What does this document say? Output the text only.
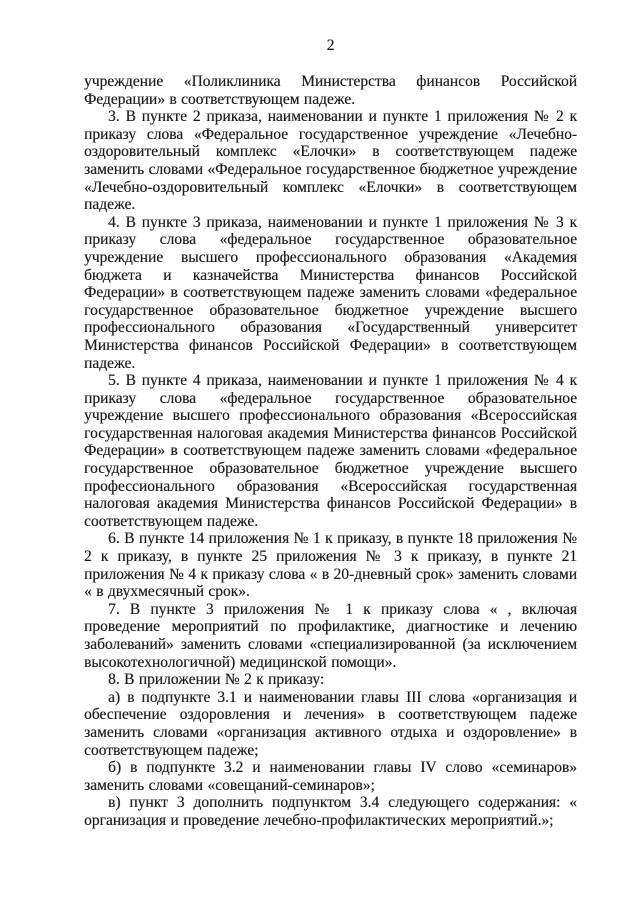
2

учреждение «Поликлиника Министерства финансов Российской Федерации» в соответствующем падеже.

3. В пункте 2 приказа, наименовании и пункте 1 приложения № 2 к приказу слова «Федеральное государственное учреждение «Лечебно-оздоровительный комплекс «Елочки» в соответствующем падеже заменить словами «Федеральное государственное бюджетное учреждение «Лечебно-оздоровительный комплекс «Елочки» в соответствующем падеже.

4. В пункте 3 приказа, наименовании и пункте 1 приложения № 3 к приказу слова «федеральное государственное образовательное учреждение высшего профессионального образования «Академия бюджета и казначейства Министерства финансов Российской Федерации» в соответствующем падеже заменить словами «федеральное государственное образовательное бюджетное учреждение высшего профессионального образования «Государственный университет Министерства финансов Российской Федерации» в соответствующем падеже.

5. В пункте 4 приказа, наименовании и пункте 1 приложения № 4 к приказу слова «федеральное государственное образовательное учреждение высшего профессионального образования «Всероссийская государственная налоговая академия Министерства финансов Российской Федерации» в соответствующем падеже заменить словами «федеральное государственное образовательное бюджетное учреждение высшего профессионального образования «Всероссийская государственная налоговая академия Министерства финансов Российской Федерации» в соответствующем падеже.

6. В пункте 14 приложения № 1 к приказу, в пункте 18 приложения № 2 к приказу, в пункте 25 приложения № 3 к приказу, в пункте 21 приложения № 4 к приказу слова « в 20-дневный срок» заменить словами « в двухмесячный срок».

7. В пункте 3 приложения № 1 к приказу слова « , включая проведение мероприятий по профилактике, диагностике и лечению заболеваний» заменить словами «специализированной (за исключением высокотехнологичной) медицинской помощи».

8. В приложении № 2 к приказу:

а) в подпункте 3.1 и наименовании главы III слова «организация и обеспечение оздоровления и лечения» в соответствующем падеже заменить словами «организация активного отдыха и оздоровление» в соответствующем падеже;

б) в подпункте 3.2 и наименовании главы IV слово «семинаров» заменить словами «совещаний-семинаров»;

в) пункт 3 дополнить подпунктом 3.4 следующего содержания: « организация и проведение лечебно-профилактических мероприятий.»;
